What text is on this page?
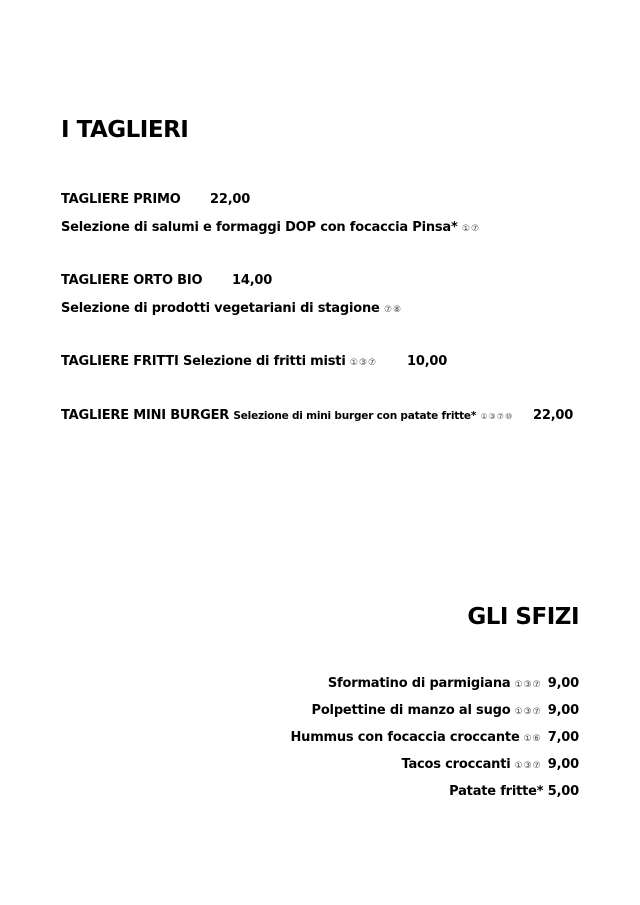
I TAGLIERI
TAGLIERE PRIMO 22,00
Selezione di salumi e formaggi DOP con focaccia Pinsa* ①⑦
TAGLIERE ORTO BIO 14,00
Selezione di prodotti vegetariani di stagione ⑦⑧
TAGLIERE FRITTI Selezione di fritti misti ①③⑦ 10,00
TAGLIERE MINI BURGER Selezione di mini burger con patate fritte* ①③⑦⑩ 22,00
GLI SFIZI
Sformatino di parmigiana ①③⑦ 9,00
Polpettine di manzo al sugo ①③⑦ 9,00
Hummus con focaccia croccante ①⑥ 7,00
Tacos croccanti ①③⑦ 9,00
Patate fritte* 5,00
